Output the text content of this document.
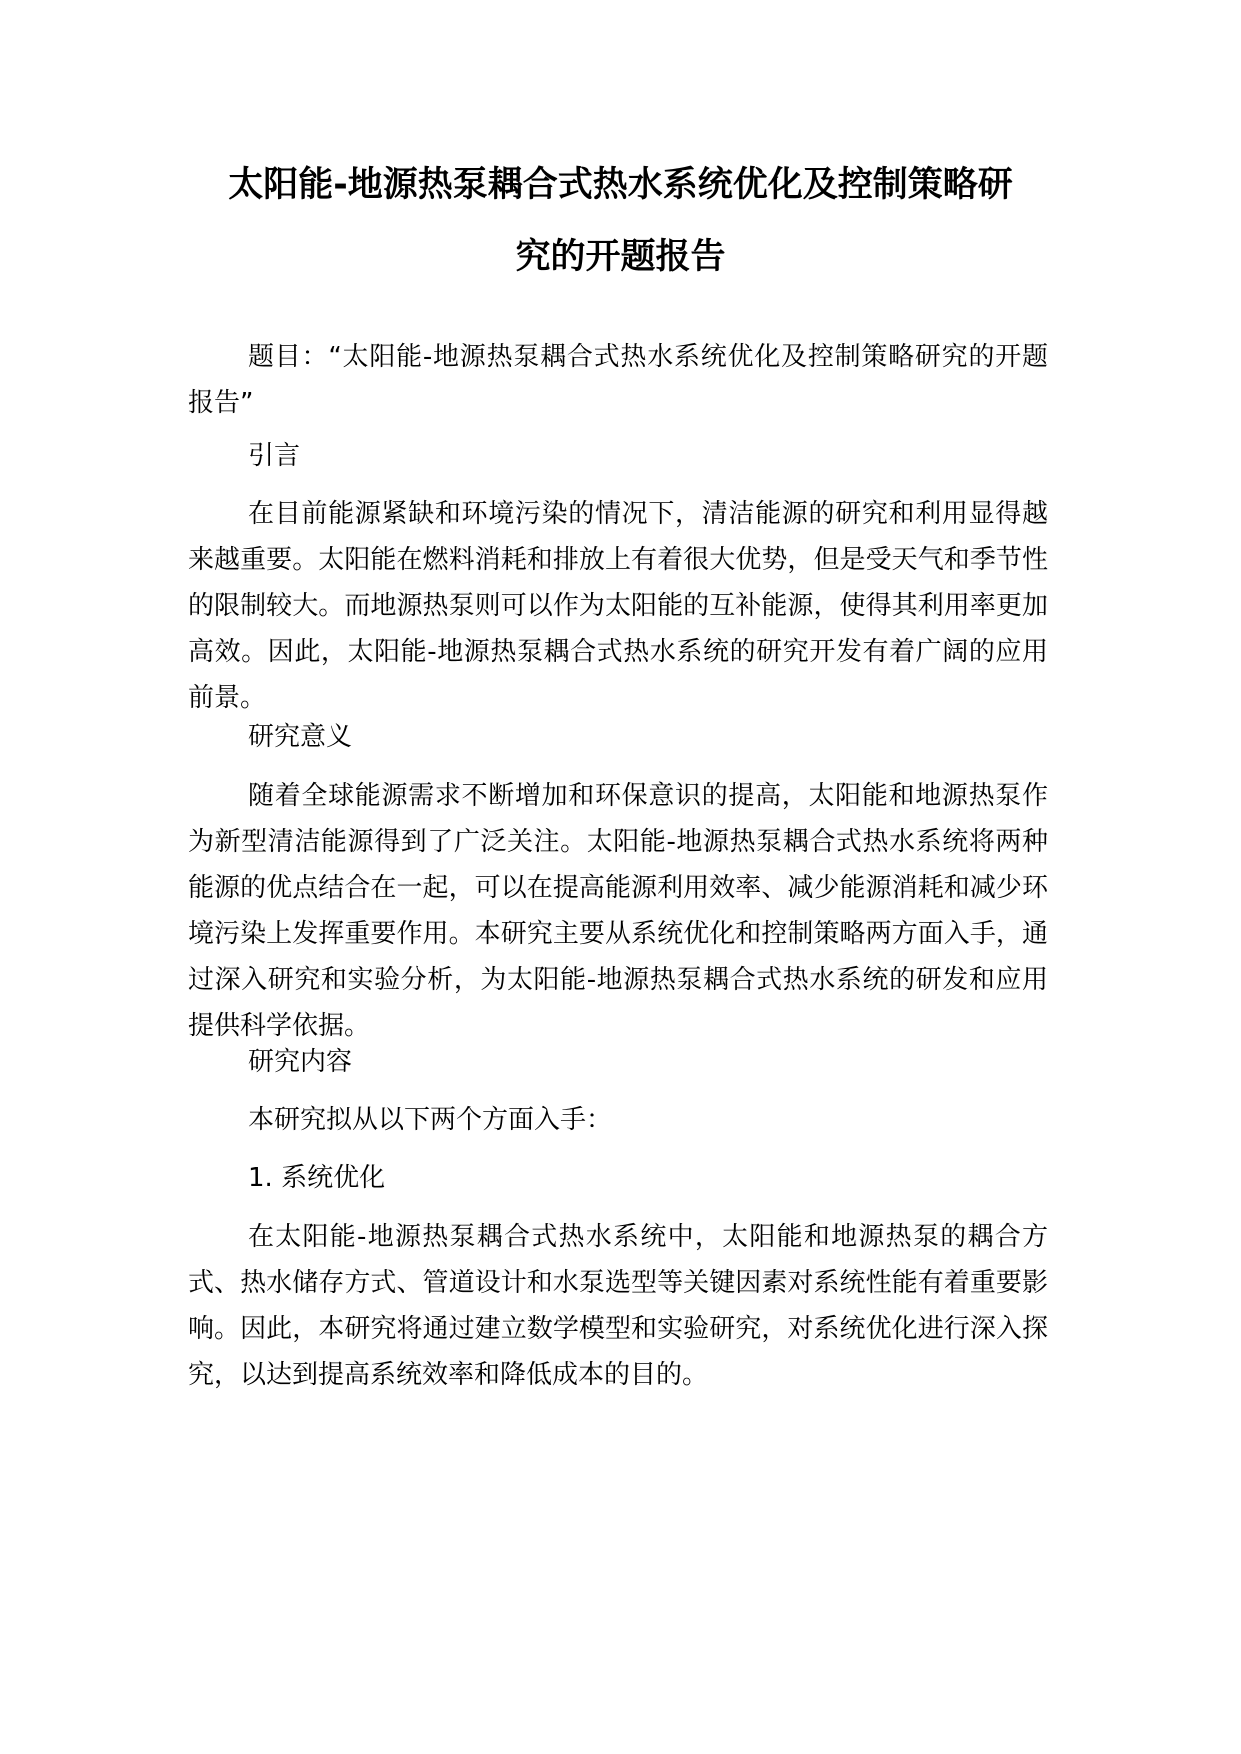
太阳能-地源热泵耦合式热水系统优化及控制策略研
究的开题报告

题目：“太阳能-地源热泵耦合式热水系统优化及控制策略研究的开题报告”

引言

在目前能源紧缺和环境污染的情况下，清洁能源的研究和利用显得越来越重要。太阳能在燃料消耗和排放上有着很大优势，但是受天气和季节性的限制较大。而地源热泵则可以作为太阳能的互补能源，使得其利用率更加高效。因此，太阳能-地源热泵耦合式热水系统的研究开发有着广阔的应用前景。

研究意义

随着全球能源需求不断增加和环保意识的提高，太阳能和地源热泵作为新型清洁能源得到了广泛关注。太阳能-地源热泵耦合式热水系统将两种能源的优点结合在一起，可以在提高能源利用效率、减少能源消耗和减少环境污染上发挥重要作用。本研究主要从系统优化和控制策略两方面入手，通过深入研究和实验分析，为太阳能-地源热泵耦合式热水系统的研发和应用提供科学依据。

研究内容

本研究拟从以下两个方面入手：

1. 系统优化

在太阳能-地源热泵耦合式热水系统中，太阳能和地源热泵的耦合方式、热水储存方式、管道设计和水泵选型等关键因素对系统性能有着重要影响。因此，本研究将通过建立数学模型和实验研究，对系统优化进行深入探究，以达到提高系统效率和降低成本的目的。
